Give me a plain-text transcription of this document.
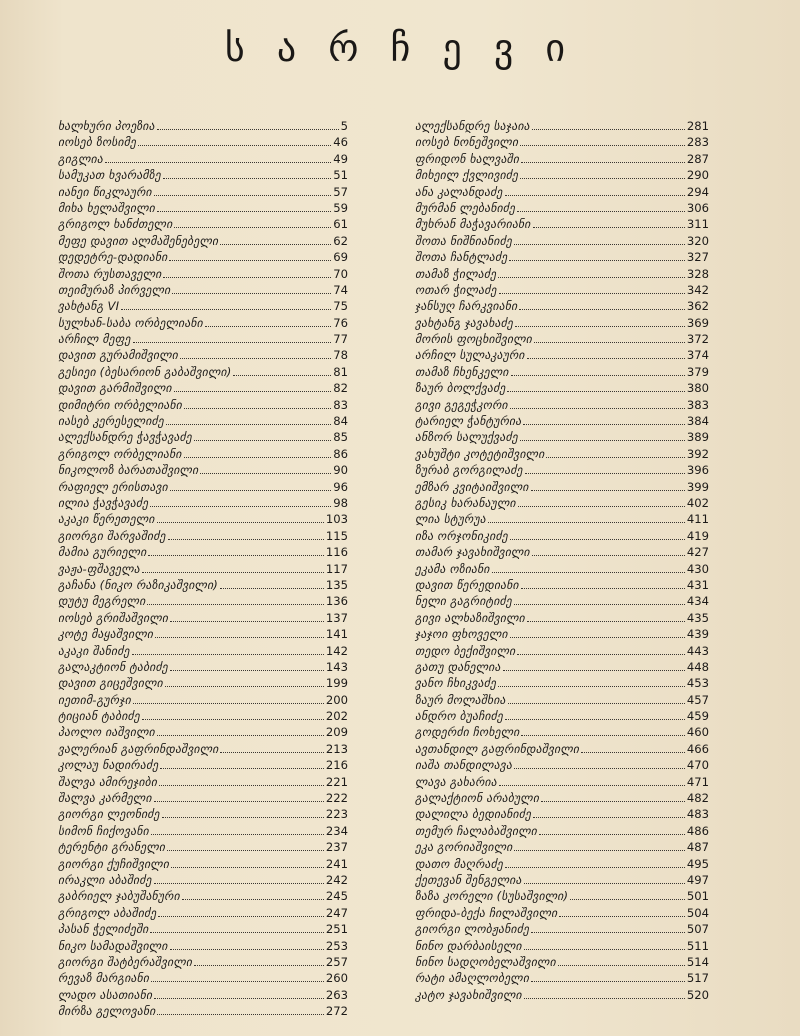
ს ა რ ჩ ე ვ ი
ხალხური პოეზია	5
იოსებ ზოსიმე	46
გიგლია	49
სამუკათ ხვარამზე	51
იანეი წიკლაური	57
მიხა ხელაშვილი	59
გრიგოლ ხანძთელი	61
მეფე დავით ალმაშენებელი	62
დედეტრე-დადიანი	69
შოთა რუსთაველი	70
თეიმურაზ პირველი	74
ვახტანგ VI	75
სულხან-საბა ორბელიანი	76
არჩილ მეფე	77
დავით გურამიშვილი	78
გესიეი (ბესარიონ გაბაშვილი)	81
დავით გარმიშვილი	82
დიმიტრი ორბელიანი	83
იასებ კერესელიძე	84
ალექსანდრე ჭავჭავაძე	85
გრიგოლ ორბელიანი	86
ნიკოლოზ ბარათაშვილი	90
რაფიელ ერისთავი	96
ილია ჭავჭავაძე	98
აკაკი წერეთელი	103
გიორგი შარვაშიძე	115
მამია გურიელი	116
ვაჟა-ფშაველა	117
გაჩანა (ნიკო რაზიკაშვილი)	135
დუტუ მეგრელი	136
იოსებ გრიშაშვილი	137
კოტე მაყაშვილი	141
აკაკი შანიძე	142
გალაკტიონ ტაბიძე	143
დავით გიცეშვილი	199
იეთიმ-გურჯი	200
ტიციან ტაბიძე	202
პაოლო იაშვილი	209
ვალერიან გაფრინდაშვილი	213
კოლაუ ნადირაძე	216
შალვა ამირეჯიბი	221
შალვა კარმელი	222
გიორგი ლეონიძე	223
სიმონ ჩიქოვანი	234
ტერენტი გრანელი	237
გიორგი ქუჩიშვილი	241
ირაკლი აბაშიძე	242
გაბრიელ ჯაბუშანური	245
გრიგოლ აბაშიძე	247
პასან ჭელიძეში	251
ნიკო სამადაშვილი	253
გიორგი შატბერაშვილი	257
რევაზ მარგიანი	260
ლადო ასათიანი	263
მირზა გელოვანი	272
ალექსანდრე საჯაია	281
იოსებ ნონეშვილი	283
ფრიდონ ხალვაში	287
მიხეილ ქვლივიძე	290
ანა კალანდაძე	294
მურმან ლებანიძე	306
მუხრან მაჭავარიანი	311
შოთა ნიშნიანიძე	320
შოთა ჩანტლაძე	327
თამაზ ჭილაძე	328
ოთარ ჭილაძე	342
ჯანსუღ ჩარკვიანი	362
ვახტანგ ჯავახაძე	369
მორის ფოცხიშვილი	372
არჩილ სულაკაური	374
თამაზ ჩხენკელი	379
ზაურ ბოლქვაძე	380
გივი გეგეჭკორი	383
ტარიელ ჭანტურია	384
ანზორ სალუქვაძე	389
ვახუშტი კოტეტიშვილი	392
ზურაბ გორგილაძე	396
ემზარ კვიტაიშვილი	399
გესიკ ხარანაული	402
ლია სტურუა	411
იზა ორჯონიკიძე	419
თამარ ჯავახიშვილი	427
ეკამა ოზიანი	430
დავით წერედიანი	431
ნელი გაგრიტიძე	434
გივი ალხაზიშვილი	435
ჯაჯოი ფხოველი	439
თედო ბექიშვილი	443
გათუ დანელია	448
ვანო ჩხიკვაძე	453
ზაურ მოლაშხია	457
ანდრო ბუაჩიძე	459
გოდერძი ჩოხელი	460
ავთანდილ გაფრინდაშვილი	466
იაშა თანდილავა	470
ლავა გახარია	471
გალაქტიონ არაბული	482
დალილა ბედიანიძე	483
თემურ ჩალაბაშვილი	486
ეკა გორიაშვილი	487
დათო მაღრაძე	495
ქეთევან შენგელია	497
ზაზა კორელი (სუსაშვილი)	501
ფრიდა-ბექა ჩილაშვილი	504
გიორგი ლობჟანიძე	507
ნინო დარბაისელი	511
ნინო სადღობელაშვილი	514
რატი ამაღლობელი	517
კატო ჯავახიშვილი	520
